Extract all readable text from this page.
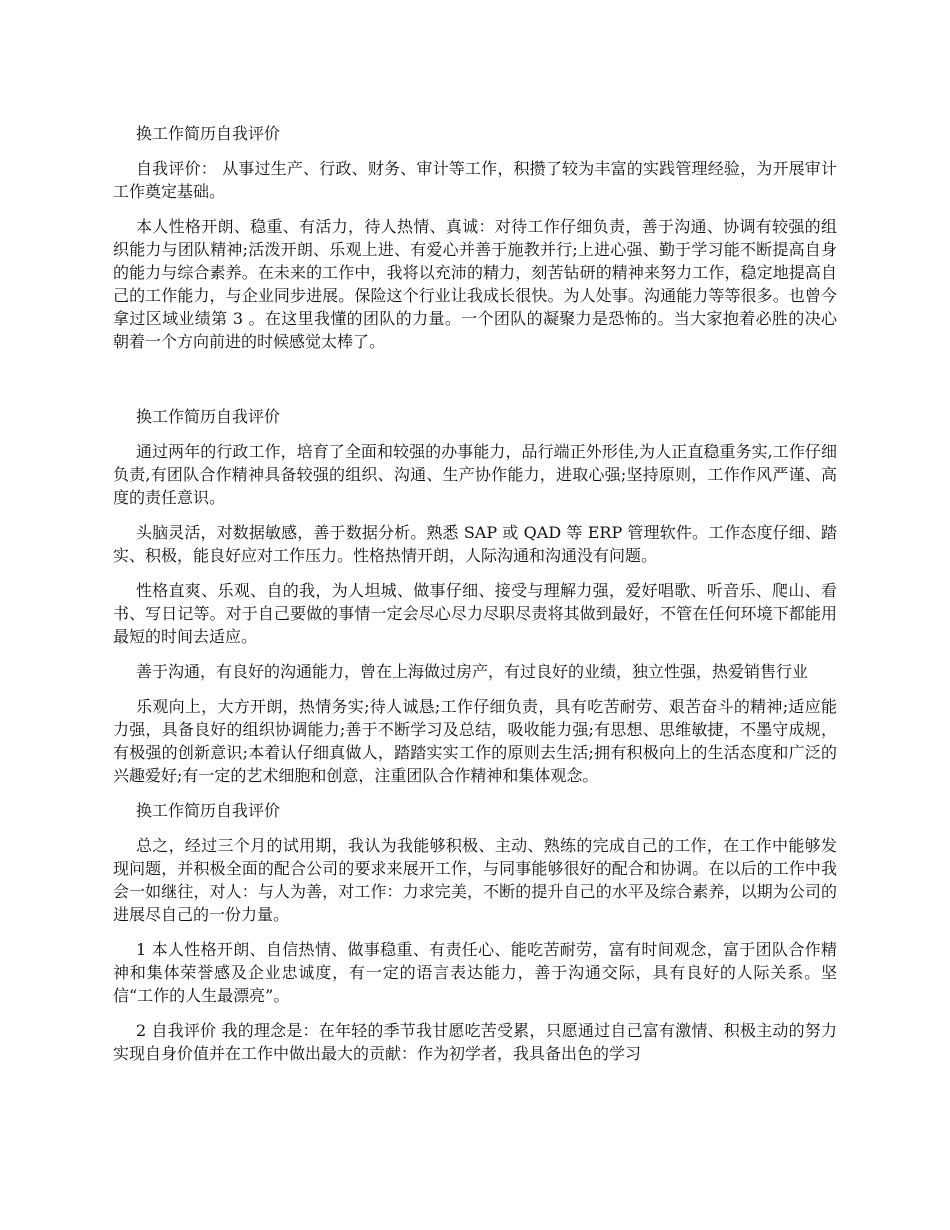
换工作简历自我评价

自我评价： 从事过生产、行政、财务、审计等工作，积攒了较为丰富的实践管理经验，为开展审计工作奠定基础。

本人性格开朗、稳重、有活力，待人热情、真诚：对待工作仔细负责，善于沟通、协调有较强的组织能力与团队精神;活泼开朗、乐观上进、有爱心并善于施教并行;上进心强、勤于学习能不断提高自身的能力与综合素养。在未来的工作中，我将以充沛的精力，刻苦钻研的精神来努力工作，稳定地提高自己的工作能力，与企业同步进展。保险这个行业让我成长很快。为人处事。沟通能力等等很多。也曾今拿过区域业绩第 3 。在这里我懂的团队的力量。一个团队的凝聚力是恐怖的。当大家抱着必胜的决心朝着一个方向前进的时候感觉太棒了。

换工作简历自我评价

通过两年的行政工作，培育了全面和较强的办事能力，品行端正外形佳,为人正直稳重务实,工作仔细负责,有团队合作精神具备较强的组织、沟通、生产协作能力，进取心强;坚持原则，工作作风严谨、高度的责任意识。

头脑灵活，对数据敏感，善于数据分析。熟悉 SAP 或 QAD 等 ERP 管理软件。工作态度仔细、踏实、积极，能良好应对工作压力。性格热情开朗，人际沟通和沟通没有问题。

性格直爽、乐观、自的我，为人坦城、做事仔细、接受与理解力强，爱好唱歌、听音乐、爬山、看书、写日记等。对于自己要做的事情一定会尽心尽力尽职尽责将其做到最好，不管在任何环境下都能用最短的时间去适应。

善于沟通，有良好的沟通能力，曾在上海做过房产，有过良好的业绩，独立性强，热爱销售行业

乐观向上，大方开朗，热情务实;待人诚恳;工作仔细负责，具有吃苦耐劳、艰苦奋斗的精神;适应能力强，具备良好的组织协调能力;善于不断学习及总结，吸收能力强;有思想、思维敏捷，不墨守成规，有极强的创新意识;本着认仔细真做人，踏踏实实工作的原则去生活;拥有积极向上的生活态度和广泛的兴趣爱好;有一定的艺术细胞和创意，注重团队合作精神和集体观念。

换工作简历自我评价

总之，经过三个月的试用期，我认为我能够积极、主动、熟练的完成自己的工作，在工作中能够发现问题，并积极全面的配合公司的要求来展开工作，与同事能够很好的配合和协调。在以后的工作中我会一如继往，对人：与人为善，对工作：力求完美，不断的提升自己的水平及综合素养，以期为公司的进展尽自己的一份力量。

1 本人性格开朗、自信热情、做事稳重、有责任心、能吃苦耐劳，富有时间观念，富于团队合作精神和集体荣誉感及企业忠诚度，有一定的语言表达能力，善于沟通交际，具有良好的人际关系。坚信“工作的人生最漂亮”。

2 自我评价 我的理念是：在年轻的季节我甘愿吃苦受累，只愿通过自己富有激情、积极主动的努力实现自身价值并在工作中做出最大的贡献：作为初学者，我具备出色的学习
